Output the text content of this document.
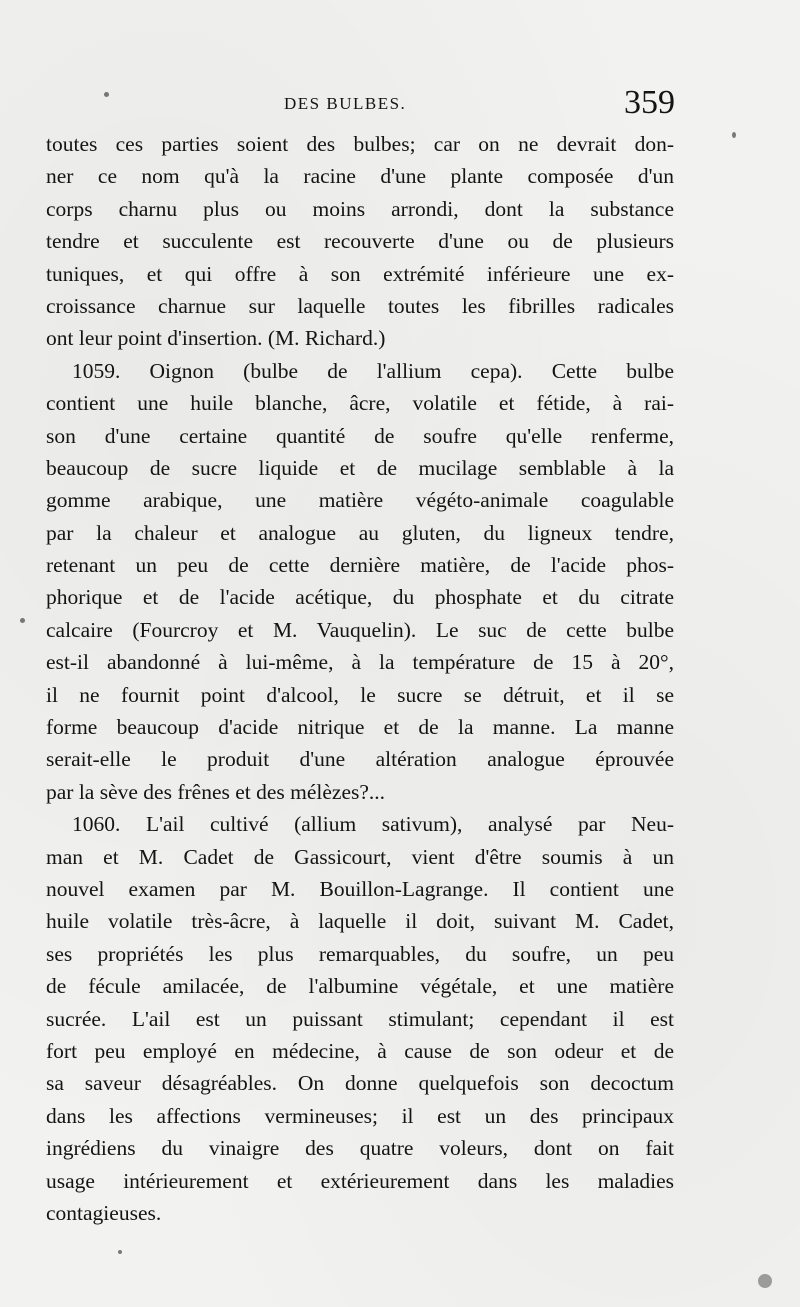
DES BULBES.	359
toutes ces parties soient des bulbes; car on ne devrait don-
ner ce nom qu'à la racine d'une plante composée d'un
corps charnu plus ou moins arrondi, dont la substance
tendre et succulente est recouverte d'une ou de plusieurs
tuniques, et qui offre à son extrémité inférieure une ex-
croissance charnue sur laquelle toutes les fibrilles radicales
ont leur point d'insertion. (M. Richard.)
1059. Oignon (bulbe de l'allium cepa). Cette bulbe
contient une huile blanche, âcre, volatile et fétide, à rai-
son d'une certaine quantité de soufre qu'elle renferme,
beaucoup de sucre liquide et de mucilage semblable à la
gomme arabique, une matière végéto-animale coagulable
par la chaleur et analogue au gluten, du ligneux tendre,
retenant un peu de cette dernière matière, de l'acide phos-
phorique et de l'acide acétique, du phosphate et du citrate
calcaire (Fourcroy et M. Vauquelin). Le suc de cette bulbe
est-il abandonné à lui-même, à la température de 15 à 20°,
il ne fournit point d'alcool, le sucre se détruit, et il se
forme beaucoup d'acide nitrique et de la manne. La manne
serait-elle le produit d'une altération analogue éprouvée
par la sève des frênes et des mélèzes?...
1060. L'ail cultivé (allium sativum), analysé par Neu-
man et M. Cadet de Gassicourt, vient d'être soumis à un
nouvel examen par M. Bouillon-Lagrange. Il contient une
huile volatile très-âcre, à laquelle il doit, suivant M. Cadet,
ses propriétés les plus remarquables, du soufre, un peu
de fécule amilacée, de l'albumine végétale, et une matière
sucrée. L'ail est un puissant stimulant; cependant il est
fort peu employé en médecine, à cause de son odeur et de
sa saveur désagréables. On donne quelquefois son decoctum
dans les affections vermineuses; il est un des principaux
ingrédiens du vinaigre des quatre voleurs, dont on fait
usage intérieurement et extérieurement dans les maladies
contagieuses.
